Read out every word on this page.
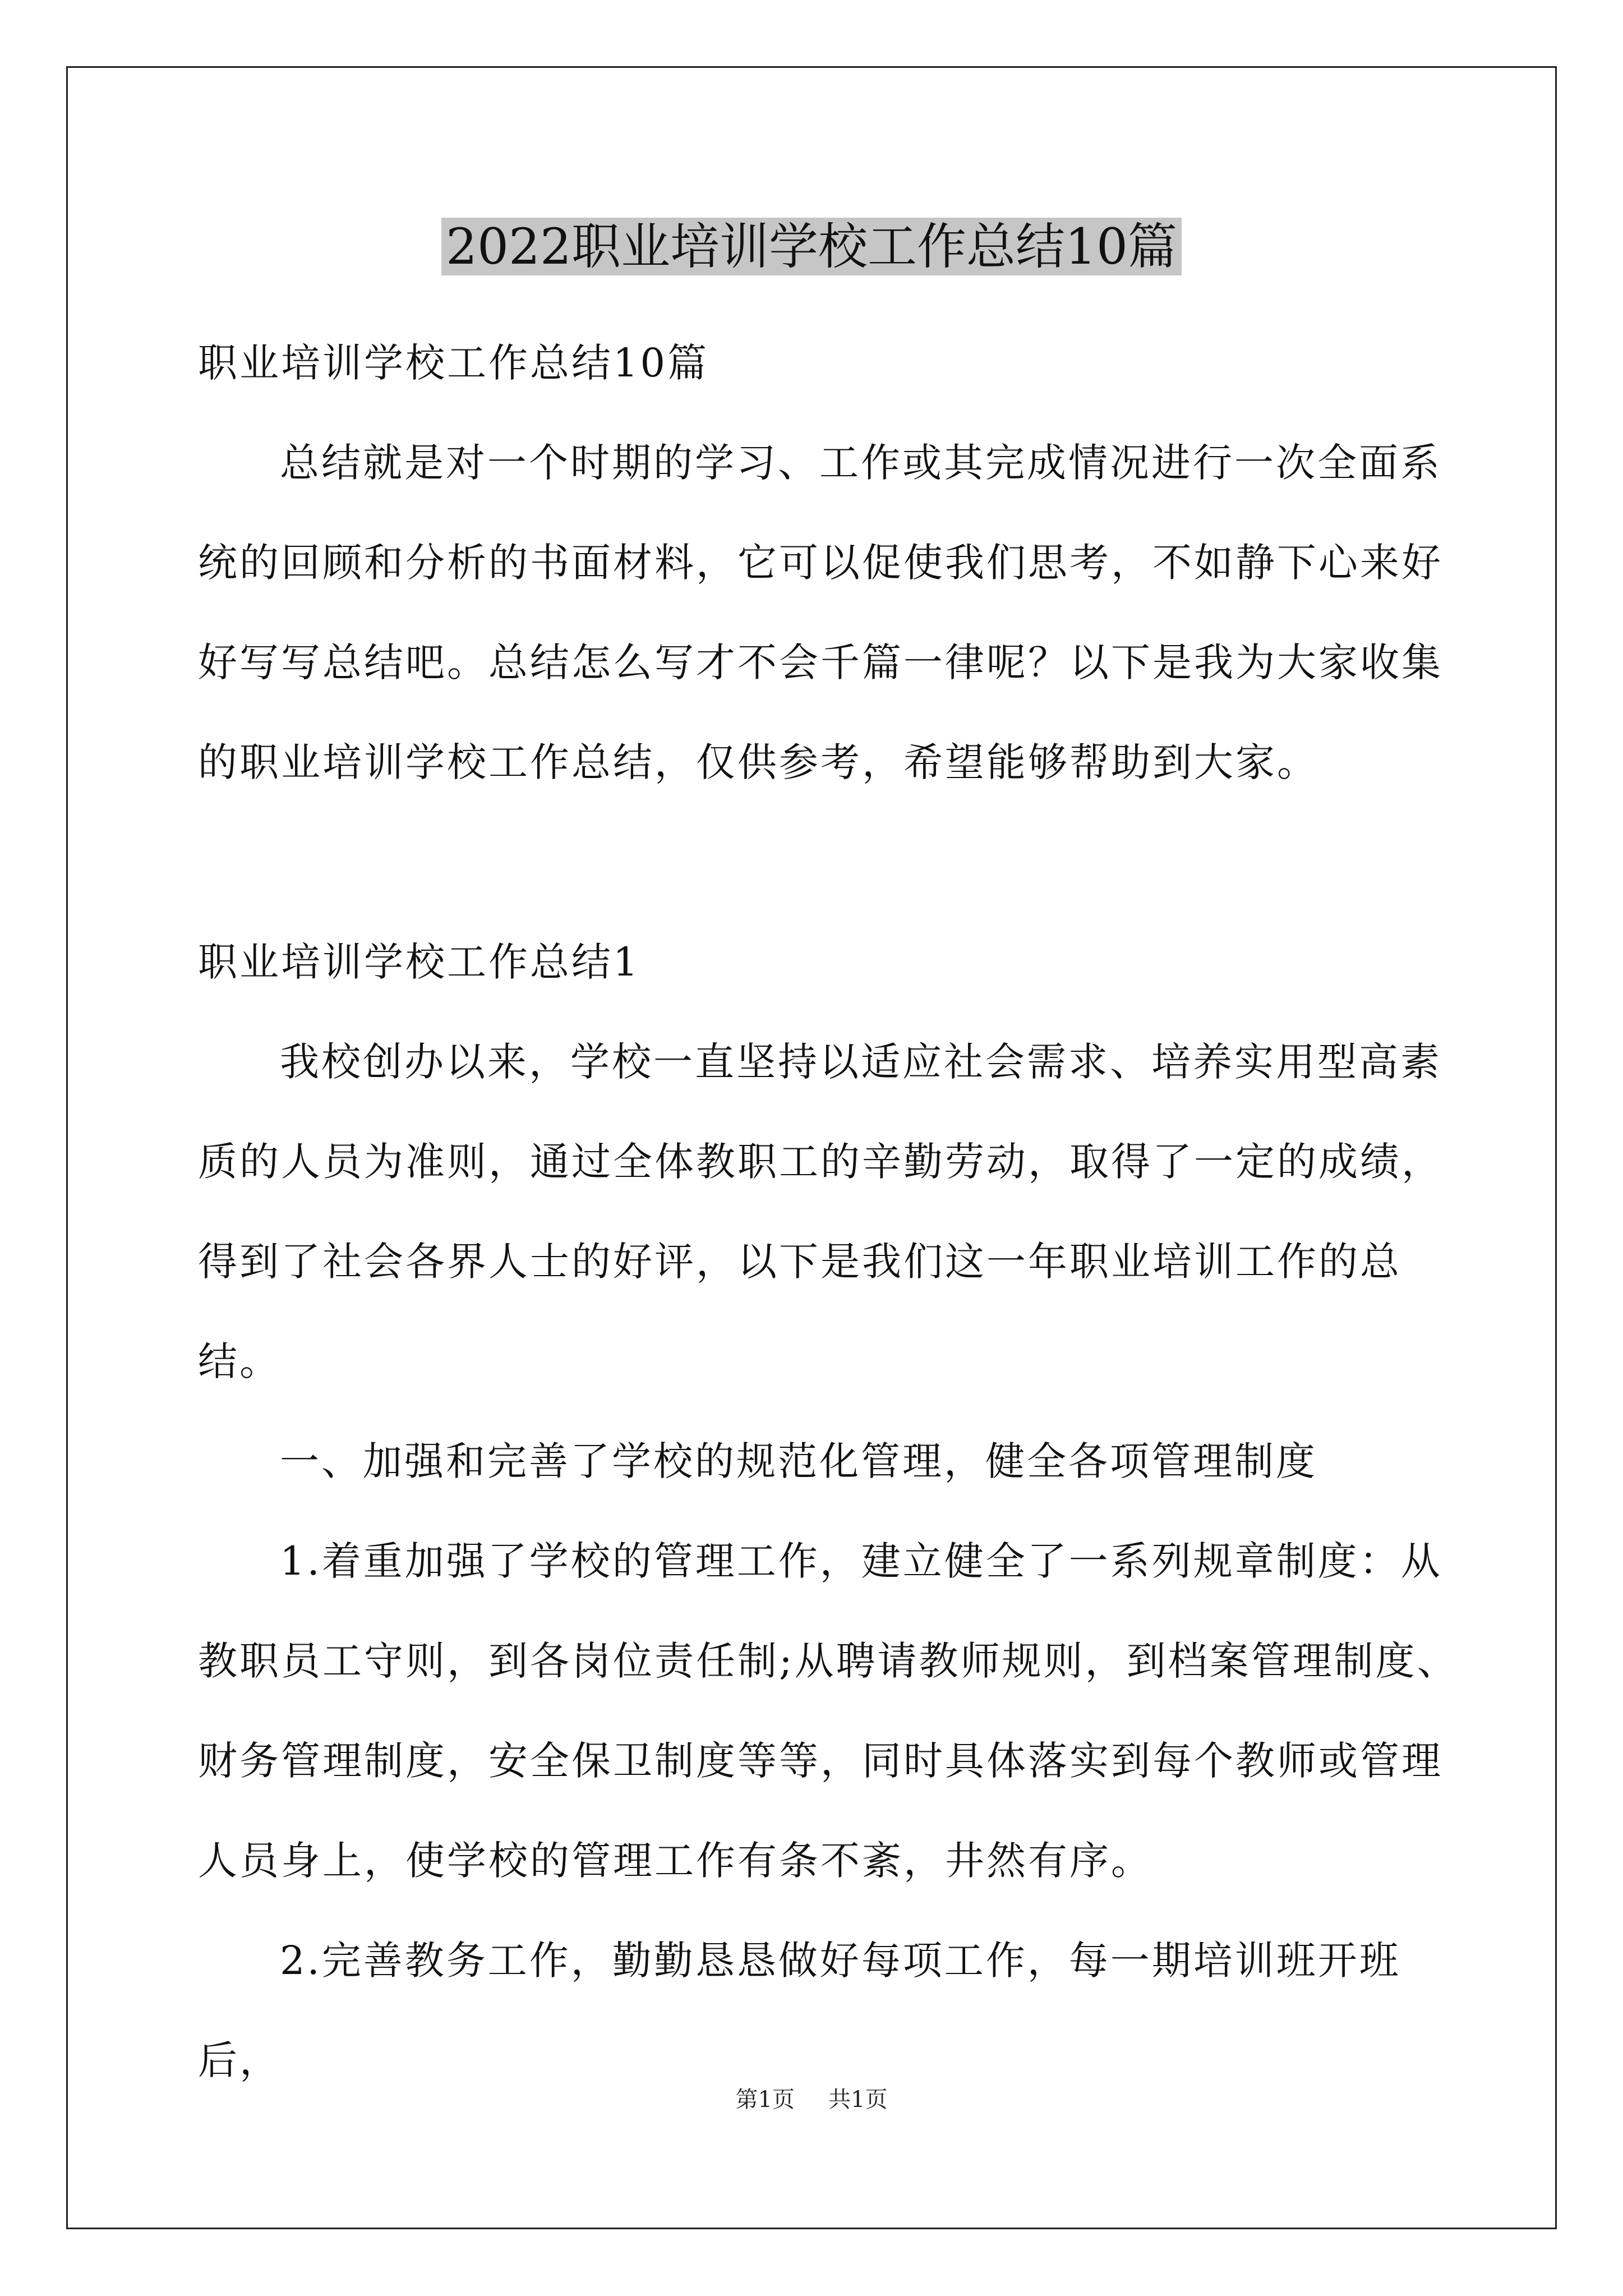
2022职业培训学校工作总结10篇

职业培训学校工作总结10篇

总结就是对一个时期的学习、工作或其完成情况进行一次全面系统的回顾和分析的书面材料，它可以促使我们思考，不如静下心来好好写写总结吧。总结怎么写才不会千篇一律呢？以下是我为大家收集的职业培训学校工作总结，仅供参考，希望能够帮助到大家。

职业培训学校工作总结1

我校创办以来，学校一直坚持以适应社会需求、培养实用型高素质的人员为准则，通过全体教职工的辛勤劳动，取得了一定的成绩，得到了社会各界人士的好评，以下是我们这一年职业培训工作的总结。

一、加强和完善了学校的规范化管理，健全各项管理制度

1.着重加强了学校的管理工作，建立健全了一系列规章制度：从教职员工守则，到各岗位责任制;从聘请教师规则，到档案管理制度、财务管理制度，安全保卫制度等等，同时具体落实到每个教师或管理人员身上，使学校的管理工作有条不紊，井然有序。

2.完善教务工作，勤勤恳恳做好每项工作，每一期培训班开班后，

第1页 共1页
